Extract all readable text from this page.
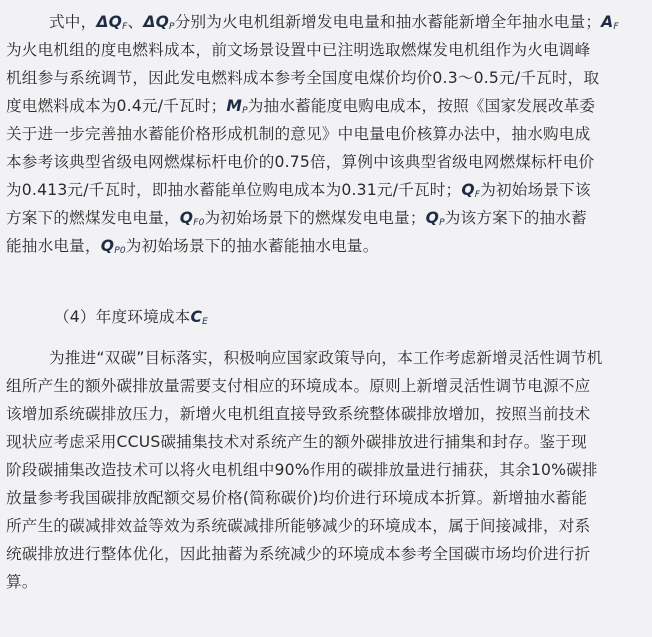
式中，$\Delta Q_F$、$\Delta Q_P$分别为火电机组新增发电电量和抽水蓄能新增全年抽水电量；$A_F$
为火电机组的度电燃料成本，前文场景设置中已注明选取燃煤发电机组作为火电调峰
机组参与系统调节，因此发电燃料成本参考全国度电煤价均价0.3～0.5元/千瓦时，取
度电燃料成本为0.4元/千瓦时；$M_P$为抽水蓄能度电购电成本，按照《国家发展改革委
关于进一步完善抽水蓄能价格形成机制的意见》中电量电价核算办法中，抽水购电成
本参考该典型省级电网燃煤标杆电价的0.75倍，算例中该典型省级电网燃煤标杆电价
为0.413元/千瓦时，即抽水蓄能单位购电成本为0.31元/千瓦时；$Q_F$为初始场景下该
方案下的燃煤发电电量，$Q_{F0}$为初始场景下的燃煤发电电量；$Q_P$为该方案下的抽水蓄
能抽水电量，$Q_{P0}$为初始场景下的抽水蓄能抽水电量。
（4）年度环境成本$C_E$
为推进“双碳”目标落实，积极响应国家政策导向，本工作考虑新增灵活性调节机
组所产生的额外碳排放量需要支付相应的环境成本。原则上新增灵活性调节电源不应
该增加系统碳排放压力，新增火电机组直接导致系统整体碳排放增加，按照当前技术
现状应考虑采用CCUS碳捕集技术对系统产生的额外碳排放进行捕集和封存。鉴于现
阶段碳捕集改造技术可以将火电机组中90%作用的碳排放量进行捕获，其余10%碳排
放量参考我国碳排放配额交易价格(简称碳价)均价进行环境成本折算。新增抽水蓄能
所产生的碳减排效益等效为系统碳减排所能够减少的环境成本，属于间接减排，对系
统碳排放进行整体优化，因此抽蓄为系统减少的环境成本参考全国碳市场均价进行折
算。
